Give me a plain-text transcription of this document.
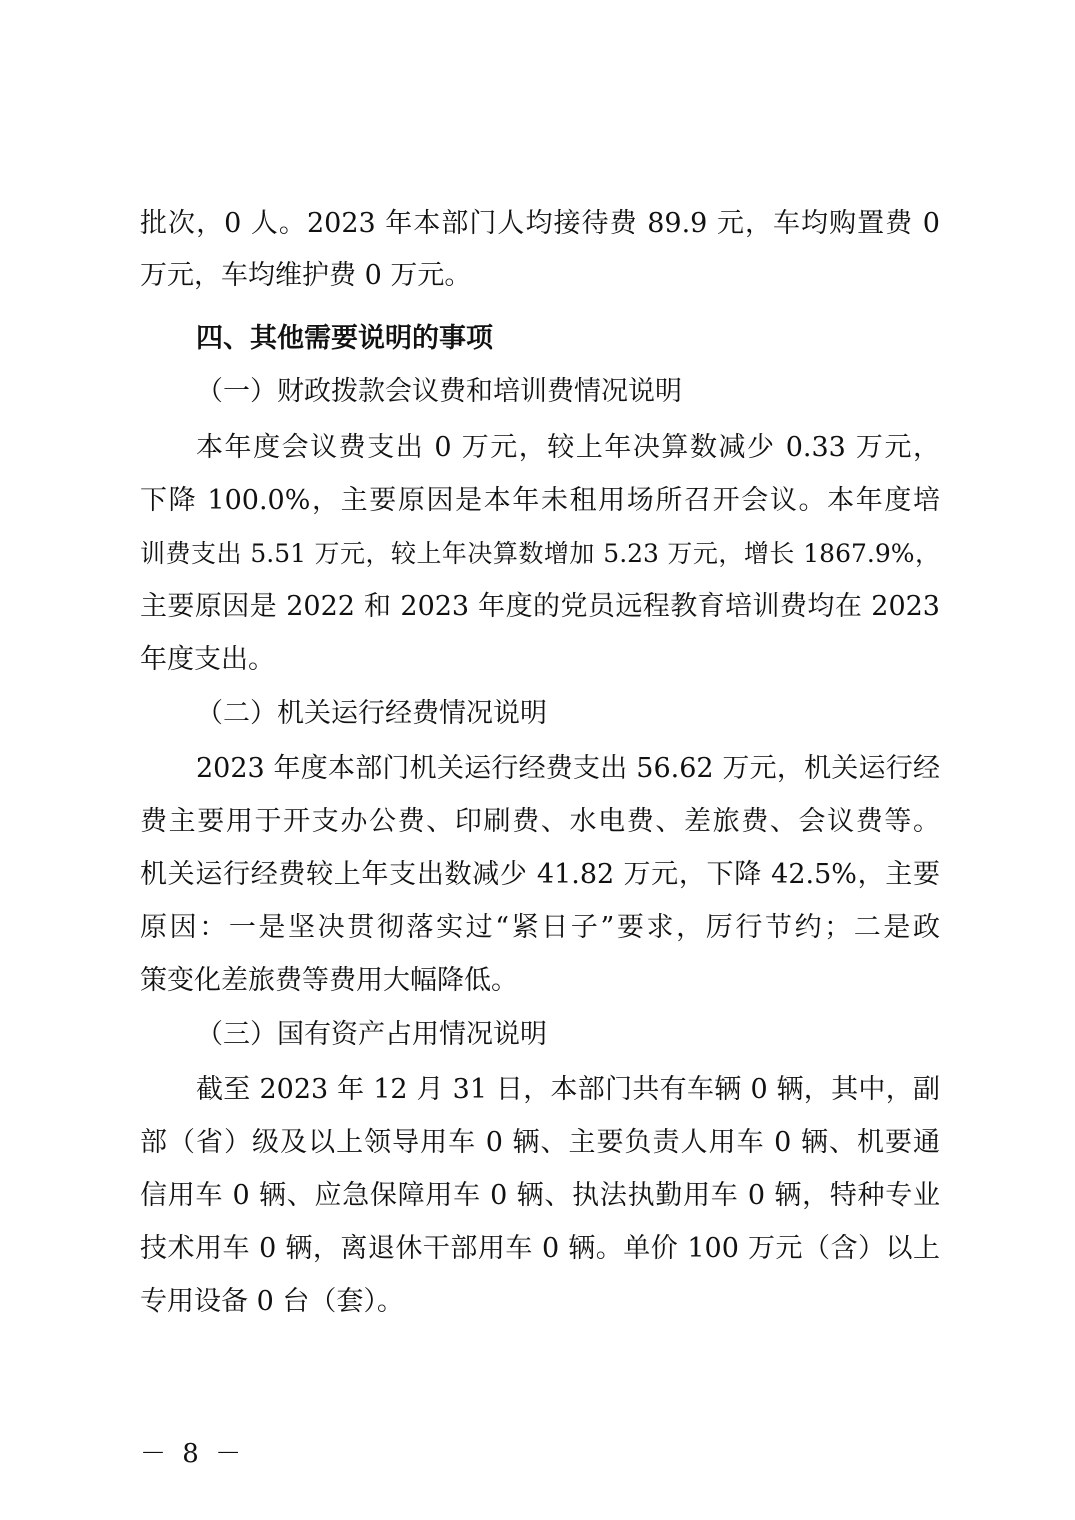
批次，0 人。2023 年本部门人均接待费 89.9 元，车均购置费 0
万元，车均维护费 0 万元。
四、其他需要说明的事项
（一）财政拨款会议费和培训费情况说明
本年度会议费支出 0 万元，较上年决算数减少 0.33 万元，
下降 100.0%，主要原因是本年未租用场所召开会议。本年度培
训费支出 5.51 万元，较上年决算数增加 5.23 万元，增长 1867.9%，
主要原因是 2022 和 2023 年度的党员远程教育培训费均在 2023
年度支出。
（二）机关运行经费情况说明
2023 年度本部门机关运行经费支出 56.62 万元，机关运行经
费主要用于开支办公费、印刷费、水电费、差旅费、会议费等。
机关运行经费较上年支出数减少 41.82 万元，下降 42.5%，主要
原因：一是坚决贯彻落实过“紧日子”要求，厉行节约；二是政
策变化差旅费等费用大幅降低。
（三）国有资产占用情况说明
截至 2023 年 12 月 31 日，本部门共有车辆 0 辆，其中，副
部（省）级及以上领导用车 0 辆、主要负责人用车 0 辆、机要通
信用车 0 辆、应急保障用车 0 辆、执法执勤用车 0 辆，特种专业
技术用车 0 辆，离退休干部用车 0 辆。单价 100 万元（含）以上
专用设备 0 台（套）。
－ 8 －
